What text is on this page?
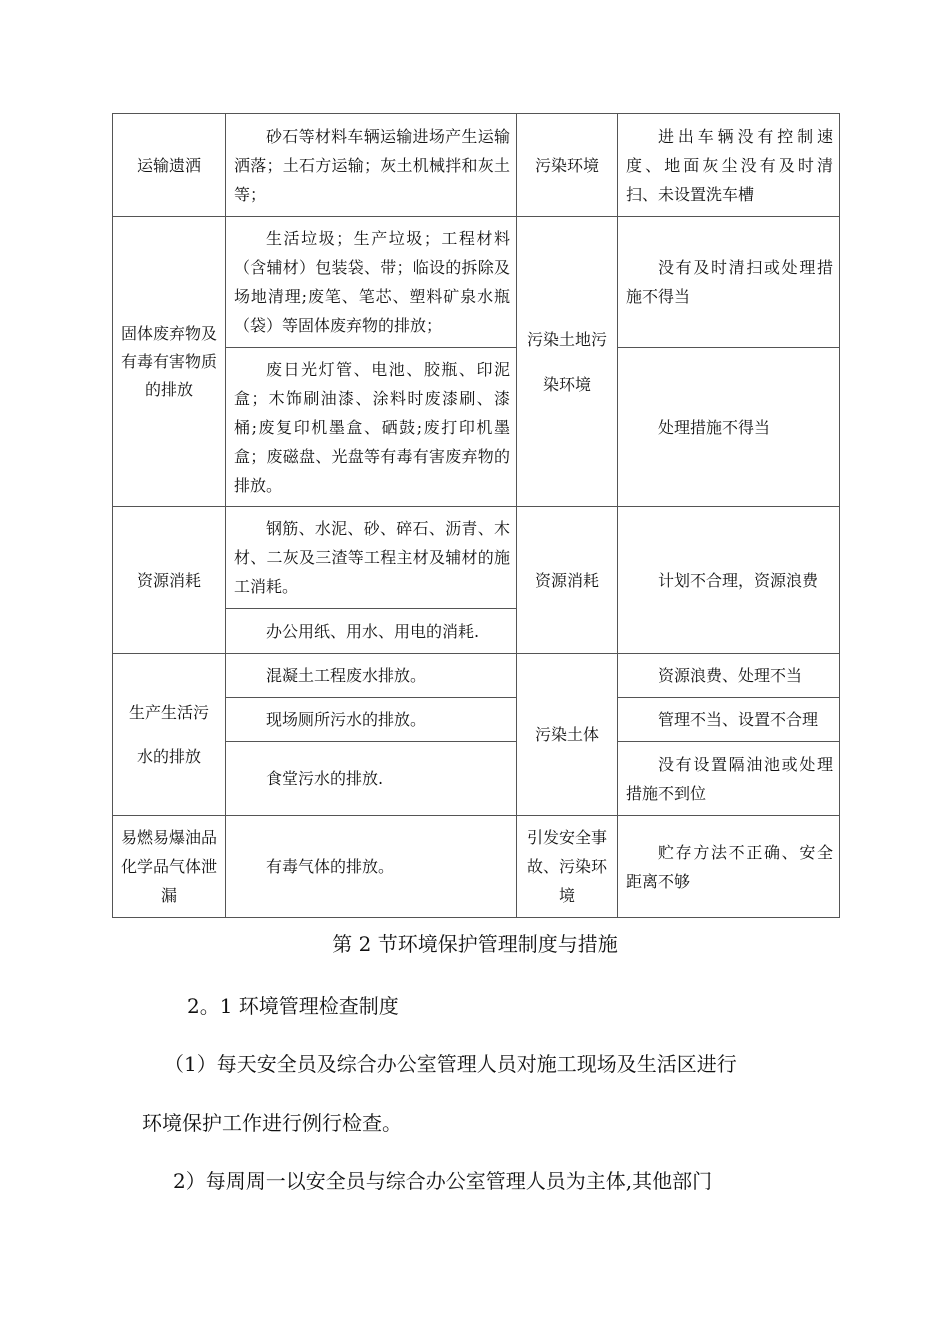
运输遗洒	砂石等材料车辆运输进场产生运输洒落；土石方运输；灰土机械拌和灰土等；	污染环境	进出车辆没有控制速度、地面灰尘没有及时清扫、未设置洗车槽

固体废弃物及有毒有害物质的排放	生活垃圾；生产垃圾；工程材料（含辅材）包装袋、带；临设的拆除及场地清理;废笔、笔芯、塑料矿泉水瓶（袋）等固体废弃物的排放；	污染土地污染环境	没有及时清扫或处理措施不得当

	废日光灯管、电池、胶瓶、印泥盒；木饰刷油漆、涂料时废漆刷、漆桶;废复印机墨盒、硒鼓;废打印机墨盒；废磁盘、光盘等有毒有害废弃物的排放。		处理措施不得当

资源消耗	钢筋、水泥、砂、碎石、沥青、木材、二灰及三渣等工程主材及辅材的施工消耗。	资源消耗	计划不合理，资源浪费

	办公用纸、用水、用电的消耗.		

生产生活污水的排放	混凝土工程废水排放。	污染土体	资源浪费、处理不当

	现场厕所污水的排放。		管理不当、设置不合理

	食堂污水的排放.		没有设置隔油池或处理措施不到位

易燃易爆油品化学品气体泄漏	有毒气体的排放。	引发安全事故、污染环境	贮存方法不正确、安全距离不够
第 2 节环境保护管理制度与措施
2。1 环境管理检查制度
（1）每天安全员及综合办公室管理人员对施工现场及生活区进行
环境保护工作进行例行检查。
2）每周周一以安全员与综合办公室管理人员为主体,其他部门
